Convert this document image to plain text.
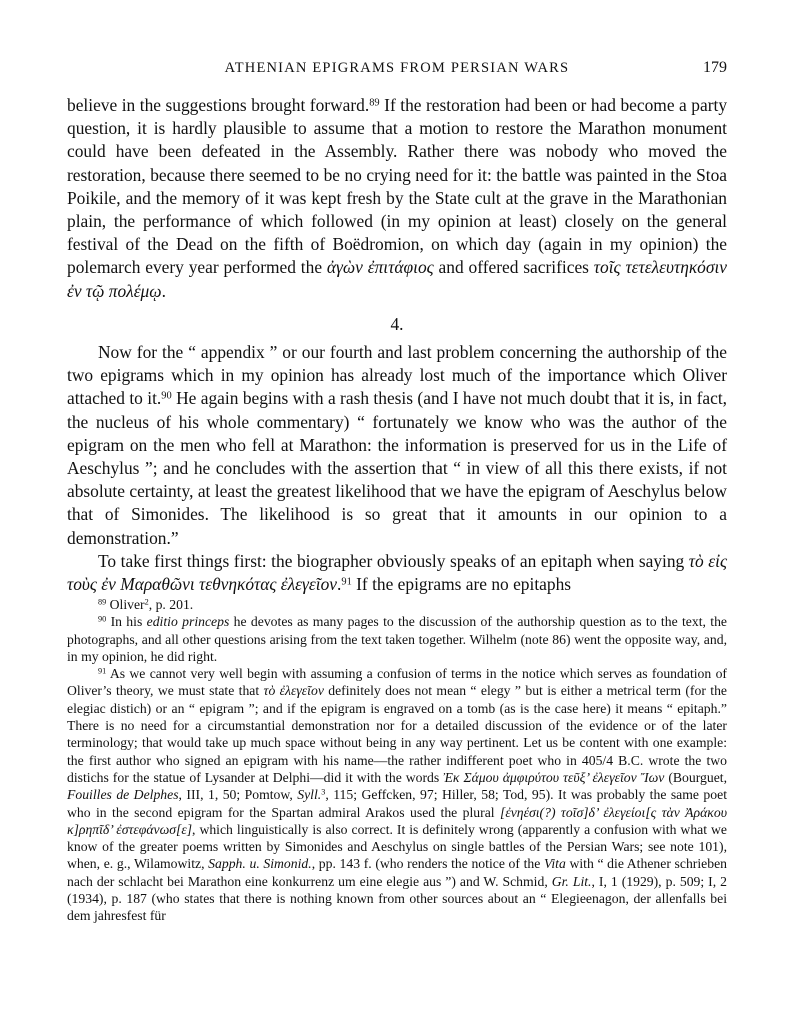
ATHENIAN EPIGRAMS FROM PERSIAN WARS	179

believe in the suggestions brought forward.$^{89}$ If the restoration had been or had become a party question, it is hardly plausible to assume that a motion to restore the Marathon monument could have been defeated in the Assembly. Rather there was nobody who moved the restoration, because there seemed to be no crying need for it: the battle was painted in the Stoa Poikile, and the memory of it was kept fresh by the State cult at the grave in the Marathonian plain, the performance of which followed (in my opinion at least) closely on the general festival of the Dead on the fifth of Boëdromion, on which day (again in my opinion) the polemarch every year performed the ἀγὼν ἐπιτάφιος and offered sacrifices τοῖς τετελευτηκόσιν ἐν τῷ πολέμῳ.

4.

Now for the “ appendix ” or our fourth and last problem concerning the authorship of the two epigrams which in my opinion has already lost much of the importance which Oliver attached to it.$^{90}$ He again begins with a rash thesis (and I have not much doubt that it is, in fact, the nucleus of his whole commentary) “ fortunately we know who was the author of the epigram on the men who fell at Marathon: the information is preserved for us in the Life of Aeschylus ”; and he concludes with the assertion that “ in view of all this there exists, if not absolute certainty, at least the greatest likelihood that we have the epigram of Aeschylus below that of Simonides. The likelihood is so great that it amounts in our opinion to a demonstration.”

To take first things first: the biographer obviously speaks of an epitaph when saying τὸ εἰς τοὺς ἐν Μαραθῶνι τεθνηκότας ἐλεγεῖον.$^{91}$ If the epigrams are no epitaphs

$^{89}$ Oliver$^2$, p. 201.

$^{90}$ In his editio princeps he devotes as many pages to the discussion of the authorship question as to the text, the photographs, and all other questions arising from the text taken together. Wilhelm (note 86) went the opposite way, and, in my opinion, he did right.

$^{91}$ As we cannot very well begin with assuming a confusion of terms in the notice which serves as foundation of Oliver’s theory, we must state that τὸ ἐλεγεῖον definitely does not mean “ elegy ” but is either a metrical term (for the elegiac distich) or an “ epigram ”; and if the epigram is engraved on a tomb (as is the case here) it means “ epitaph.” There is no need for a circumstantial demonstration nor for a detailed discussion of the evidence or of the later terminology; that would take up much space without being in any way pertinent. Let us be content with one example: the first author who signed an epigram with his name—the rather indifferent poet who in 405/4 B.C. wrote the two distichs for the statue of Lysander at Delphi—did it with the words Ἐκ Σάμου ἀμφιρύτου τεῦξ’ ἐλεγεῖον Ἴων (Bourguet, Fouilles de Delphes, III, 1, 50; Pomtow, Syll.$^3$, 115; Geffcken, 97; Hiller, 58; Tod, 95). It was probably the same poet who in the second epigram for the Spartan admiral Arakos used the plural [ἐνηέσι(?) τοῖσ]δ’ ἐλεγείοι[ς τὰν Ἀράκου κ]ρηπῖδ’ ἐστεφάνωσ[ε], which linguistically is also correct. It is definitely wrong (apparently a confusion with what we know of the greater poems written by Simonides and Aeschylus on single battles of the Persian Wars; see note 101), when, e. g., Wilamowitz, Sapph. u. Simonid., pp. 143 f. (who renders the notice of the Vita with “ die Athener schrieben nach der schlacht bei Marathon eine konkurrenz um eine elegie aus ”) and W. Schmid, Gr. Lit., I, 1 (1929), p. 509; I, 2 (1934), p. 187 (who states that there is nothing known from other sources about an “ Elegieenagon, der allenfalls bei dem jahresfest für
